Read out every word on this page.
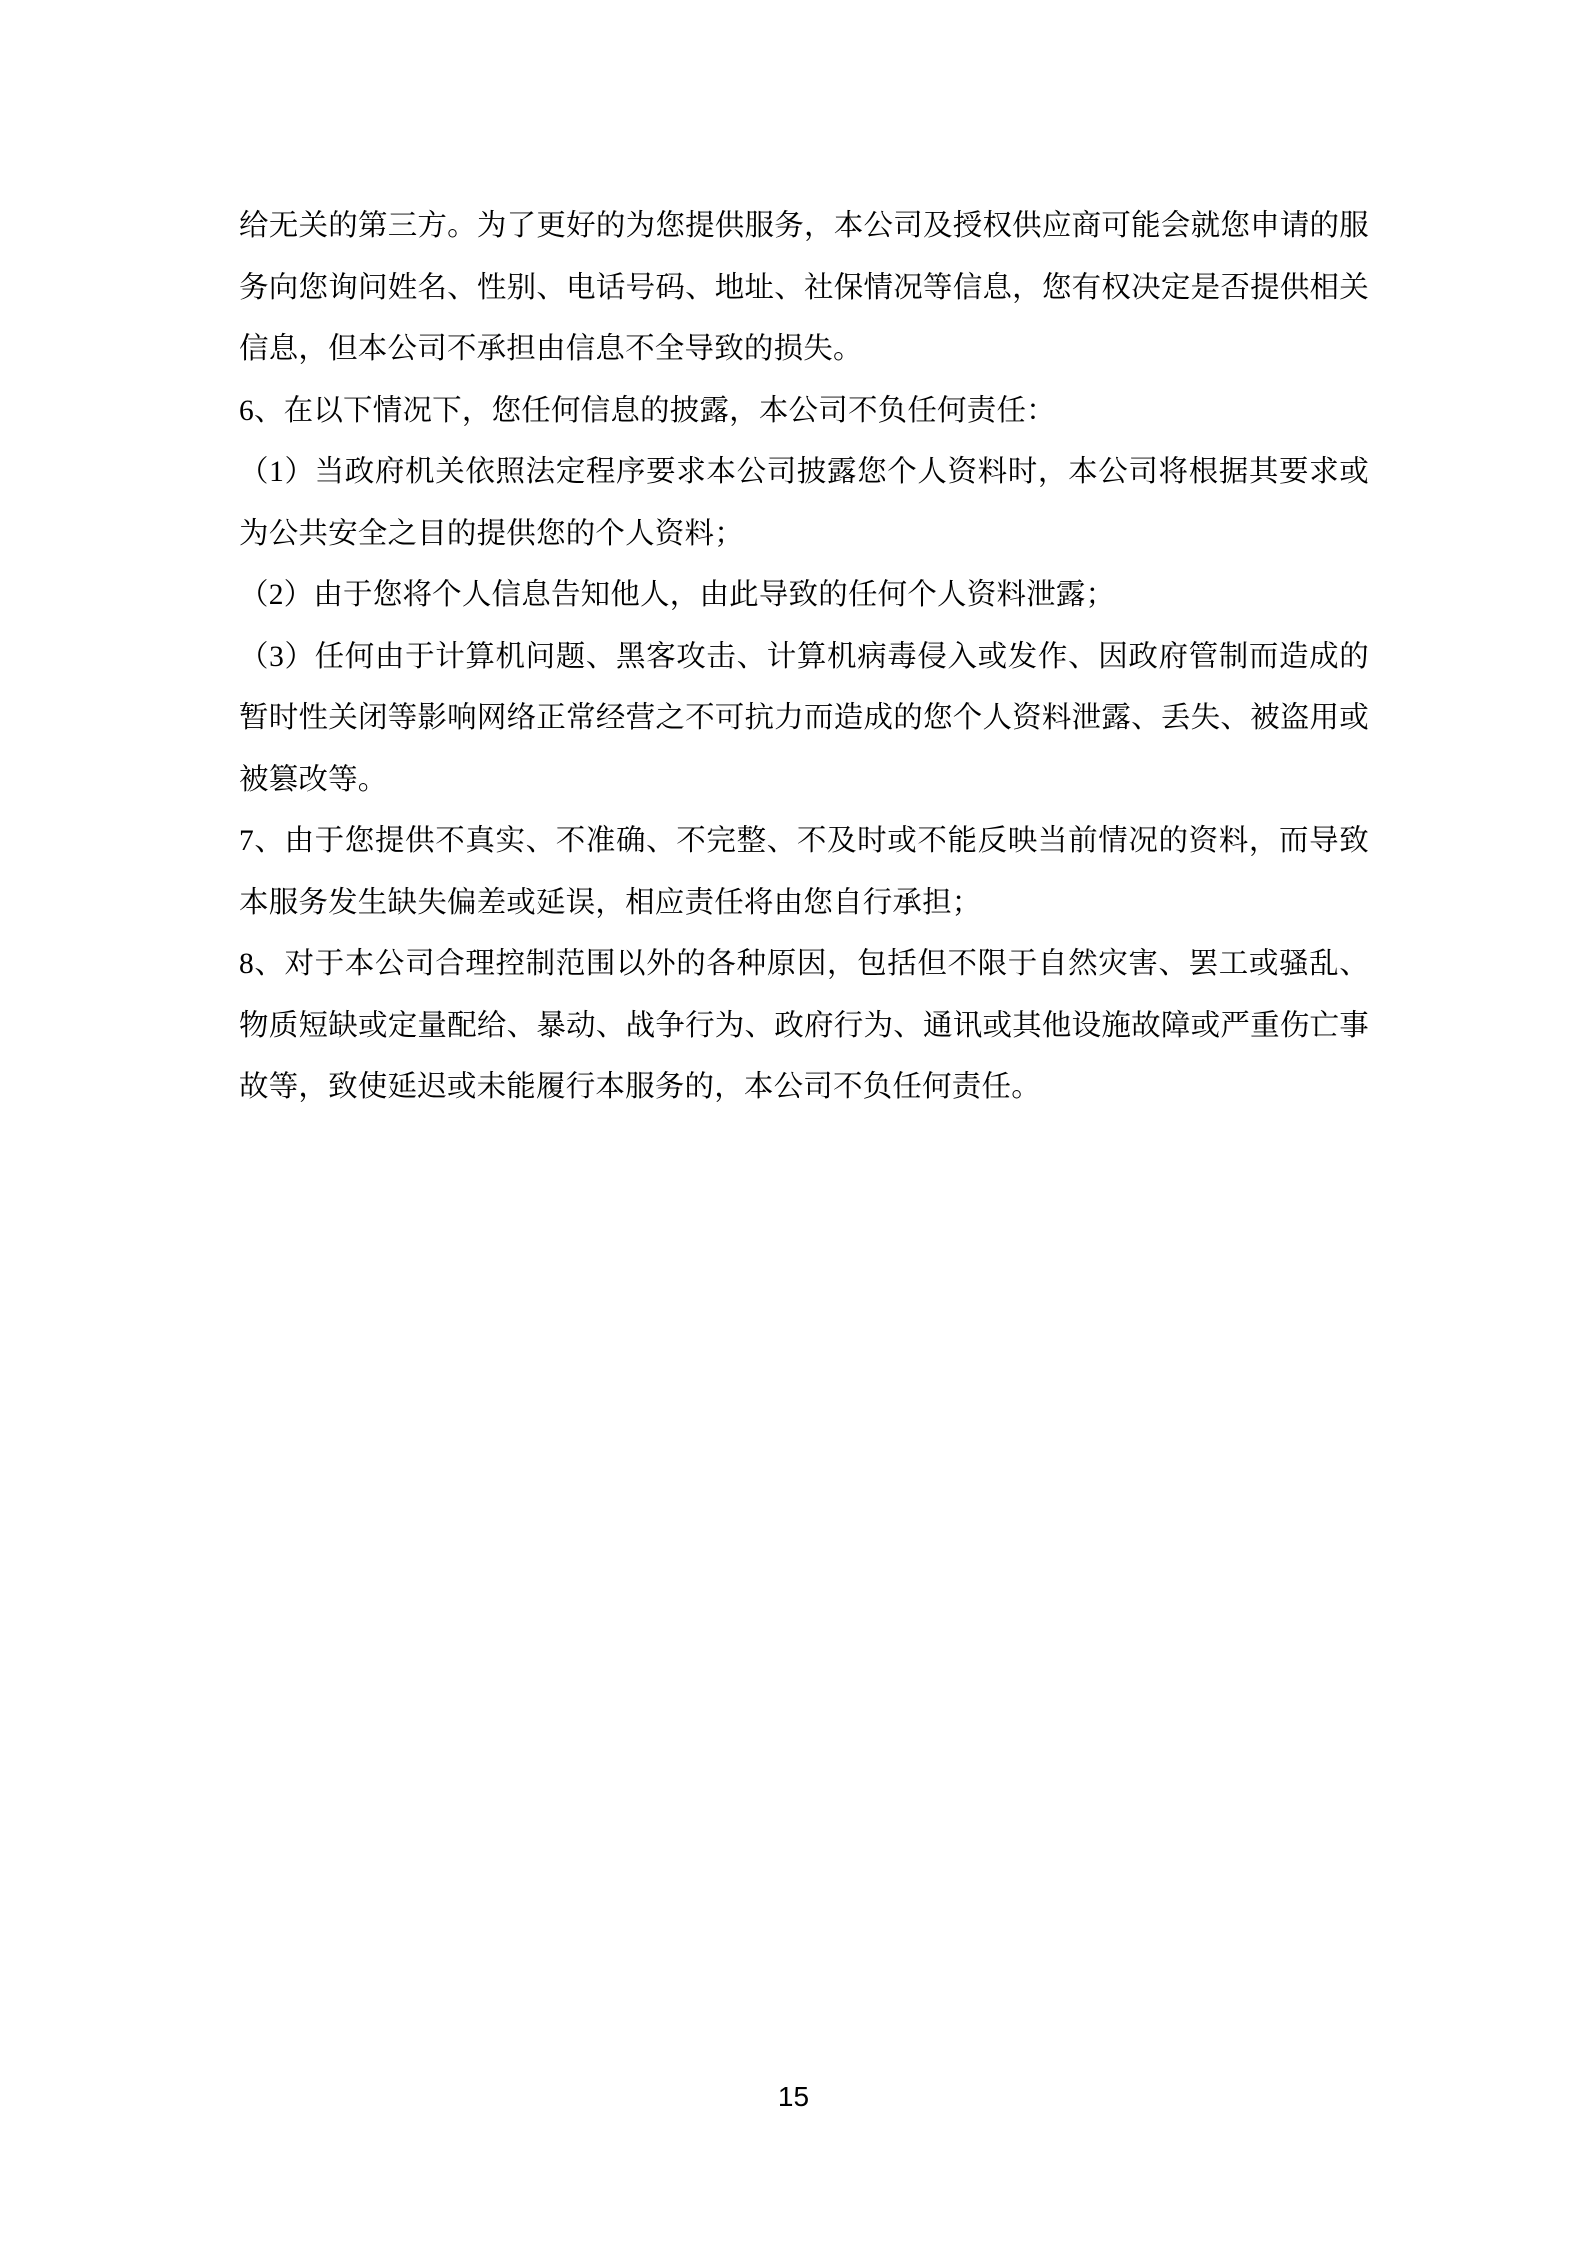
给无关的第三方。为了更好的为您提供服务，本公司及授权供应商可能会就您申请的服务向您询问姓名、性别、电话号码、地址、社保情况等信息，您有权决定是否提供相关信息，但本公司不承担由信息不全导致的损失。

6、在以下情况下，您任何信息的披露，本公司不负任何责任：

（1）当政府机关依照法定程序要求本公司披露您个人资料时，本公司将根据其要求或为公共安全之目的提供您的个人资料；

（2）由于您将个人信息告知他人，由此导致的任何个人资料泄露；

（3）任何由于计算机问题、黑客攻击、计算机病毒侵入或发作、因政府管制而造成的暂时性关闭等影响网络正常经营之不可抗力而造成的您个人资料泄露、丢失、被盗用或被篡改等。

7、由于您提供不真实、不准确、不完整、不及时或不能反映当前情况的资料，而导致本服务发生缺失偏差或延误，相应责任将由您自行承担；

8、对于本公司合理控制范围以外的各种原因，包括但不限于自然灾害、罢工或骚乱、物质短缺或定量配给、暴动、战争行为、政府行为、通讯或其他设施故障或严重伤亡事故等，致使延迟或未能履行本服务的，本公司不负任何责任。

15
